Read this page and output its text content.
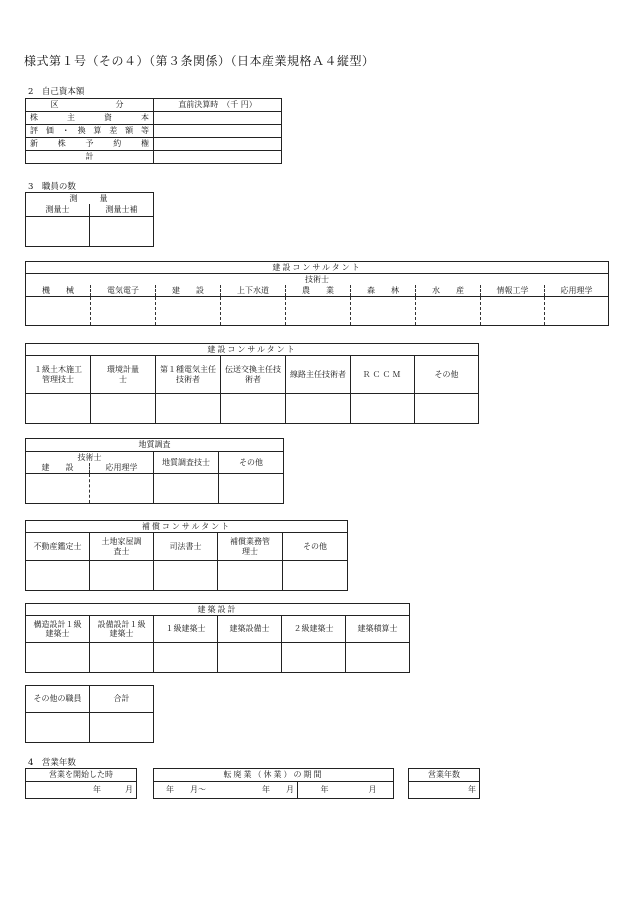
様式第１号（その４）（第３条関係）（日本産業規格Ａ４縦型）
2　自己資本額
区　　　　分	直前決算時　（千 円）
株　主　資　本	
評価・換算差額等	
新 株 予 約 権	
計	
3　職員の数
測　　量	
測量士	測量士補

建設コンサルタント								
技術士								
機　　械	電気電子	建　　設	上下水道	農　　業	森　　林	水　　産	情報工学	応用理学

建設コンサルタント						
１級土木施工管理技士	環境計量士	第１種電気主任技術者	伝送交換主任技術者	線路主任技術者	ＲＣＣＭ	その他

地質調査			
技術士		地質調査技士	その他
建　　設	応用理学		

補償コンサルタント				
不動産鑑定士	土地家屋調査士	司法書士	補償業務管理士	その他

建築設計					
構造設計１級建築士	設備設計１級建築士	１級建築士	建築設備士	２級建築士	建築積算士

その他の職員	合計

4　営業年数
営業を開始した時
年　　　月
転廃業（休業）の期間
年　　月～	年　　月	年　　　　　月
営業年数
年
